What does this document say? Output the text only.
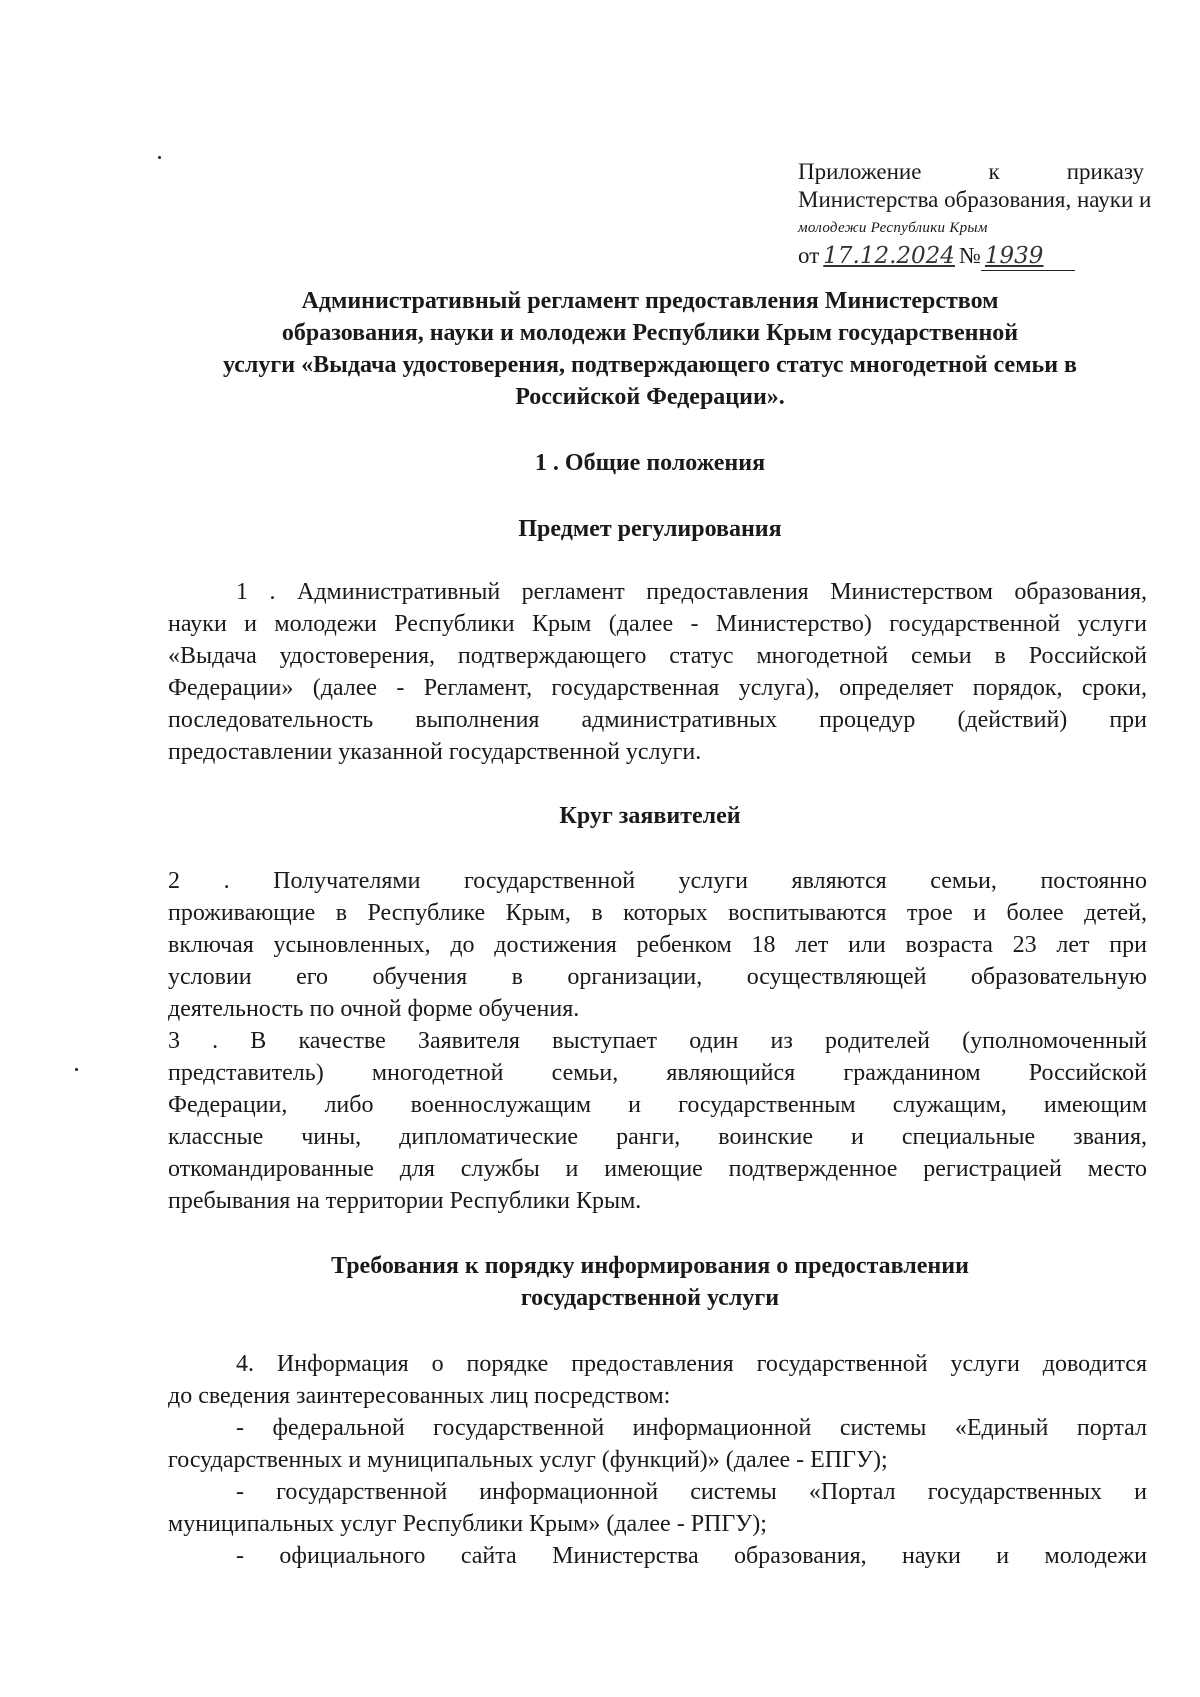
Приложение	к	приказу
Министерства образования, науки и
молодежи Республики Крым
от 17.12.2024 № 1939
Административный регламент предоставления Министерством
образования, науки и молодежи Республики Крым государственной
услуги «Выдача удостоверения, подтверждающего статус многодетной семьи в
Российской Федерации».
1 . Общие положения
Предмет регулирования
1 . Административный регламент предоставления Министерством образования,
науки и молодежи Республики Крым (далее - Министерство) государственной услуги
«Выдача удостоверения, подтверждающего статус многодетной семьи в Российской
Федерации» (далее - Регламент, государственная услуга), определяет порядок, сроки,
последовательность выполнения административных процедур (действий) при
предоставлении указанной государственной услуги.
Круг заявителей
2 . Получателями государственной услуги являются семьи, постоянно
проживающие в Республике Крым, в которых воспитываются трое и более детей,
включая усыновленных, до достижения ребенком 18 лет или возраста 23 лет при
условии его обучения в организации, осуществляющей образовательную
деятельность по очной форме обучения.
3 . В качестве Заявителя выступает один из родителей (уполномоченный
представитель) многодетной семьи, являющийся гражданином Российской
Федерации, либо военнослужащим и государственным служащим, имеющим
классные чины, дипломатические ранги, воинские и специальные звания,
откомандированные для службы и имеющие подтвержденное регистрацией место
пребывания на территории Республики Крым.
Требования к порядку информирования о предоставлении
государственной услуги
4. Информация о порядке предоставления государственной услуги доводится
до сведения заинтересованных лиц посредством:
- федеральной государственной информационной системы «Единый портал
государственных и муниципальных услуг (функций)» (далее - ЕПГУ);
- государственной информационной системы «Портал государственных и
муниципальных услуг Республики Крым» (далее - РПГУ);
- официального сайта Министерства образования, науки и молодежи
